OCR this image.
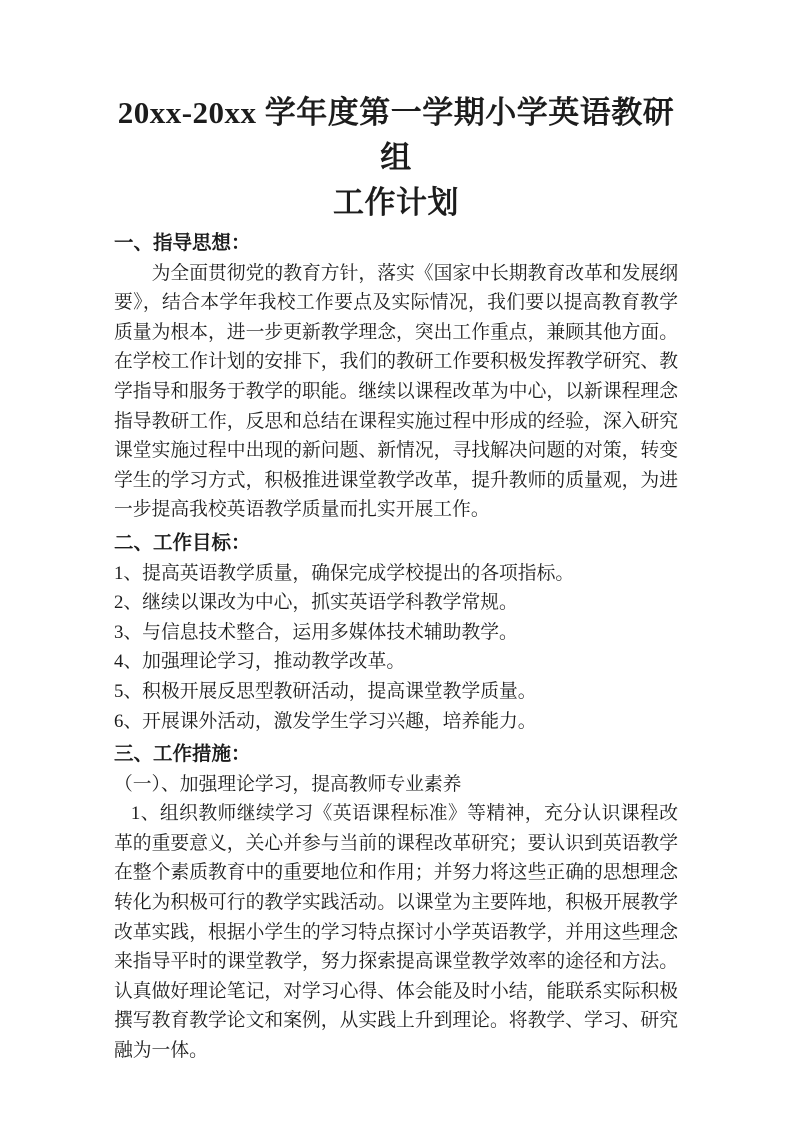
20xx-20xx 学年度第一学期小学英语教研组
工作计划
一、指导思想：
为全面贯彻党的教育方针，落实《国家中长期教育改革和发展纲要》，结合本学年我校工作要点及实际情况，我们要以提高教育教学质量为根本，进一步更新教学理念，突出工作重点，兼顾其他方面。在学校工作计划的安排下，我们的教研工作要积极发挥教学研究、教学指导和服务于教学的职能。继续以课程改革为中心，以新课程理念指导教研工作，反思和总结在课程实施过程中形成的经验，深入研究课堂实施过程中出现的新问题、新情况，寻找解决问题的对策，转变学生的学习方式，积极推进课堂教学改革，提升教师的质量观，为进一步提高我校英语教学质量而扎实开展工作。
二、工作目标：
1、提高英语教学质量，确保完成学校提出的各项指标。
2、继续以课改为中心，抓实英语学科教学常规。
3、与信息技术整合，运用多媒体技术辅助教学。
4、加强理论学习，推动教学改革。
5、积极开展反思型教研活动，提高课堂教学质量。
6、开展课外活动，激发学生学习兴趣，培养能力。
三、工作措施：
（一）、加强理论学习，提高教师专业素养
1、组织教师继续学习《英语课程标准》等精神，充分认识课程改革的重要意义，关心并参与当前的课程改革研究；要认识到英语教学在整个素质教育中的重要地位和作用；并努力将这些正确的思想理念转化为积极可行的教学实践活动。以课堂为主要阵地，积极开展教学改革实践，根据小学生的学习特点探讨小学英语教学，并用这些理念来指导平时的课堂教学，努力探索提高课堂教学效率的途径和方法。认真做好理论笔记，对学习心得、体会能及时小结，能联系实际积极撰写教育教学论文和案例，从实践上升到理论。将教学、学习、研究融为一体。
